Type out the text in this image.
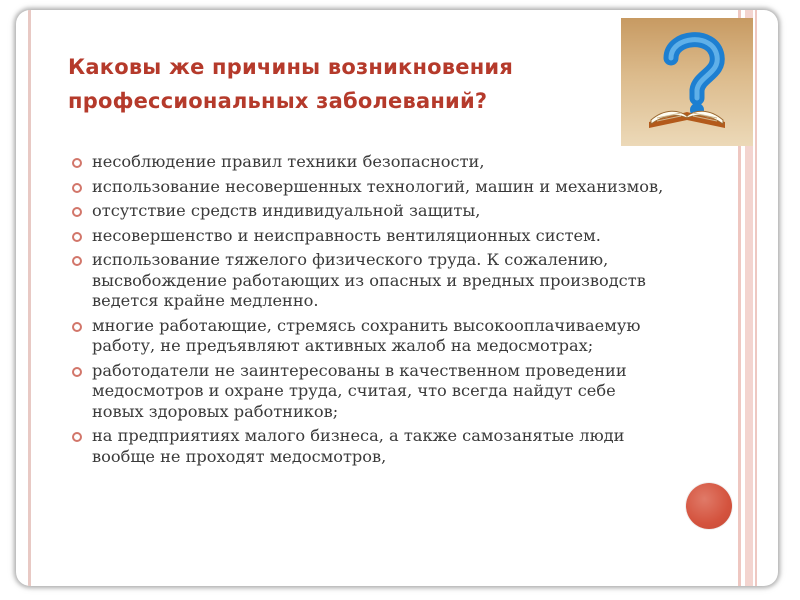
Каковы же причины возникновения
профессиональных заболеваний?
несоблюдение правил техники безопасности,
использование несовершенных технологий, машин и механизмов,
отсутствие средств индивидуальной защиты,
несовершенство и неисправность вентиляционных систем.
использование тяжелого физического труда. К сожалению, высвобождение работающих из опасных и вредных производств ведется крайне медленно.
многие работающие, стремясь сохранить высокооплачиваемую работу, не предъявляют активных жалоб на медосмотрах;
работодатели не заинтересованы в качественном проведении медосмотров и охране труда, считая, что всегда найдут себе новых здоровых работников;
на предприятиях малого бизнеса, а также самозанятые люди вообще не проходят медосмотров,
